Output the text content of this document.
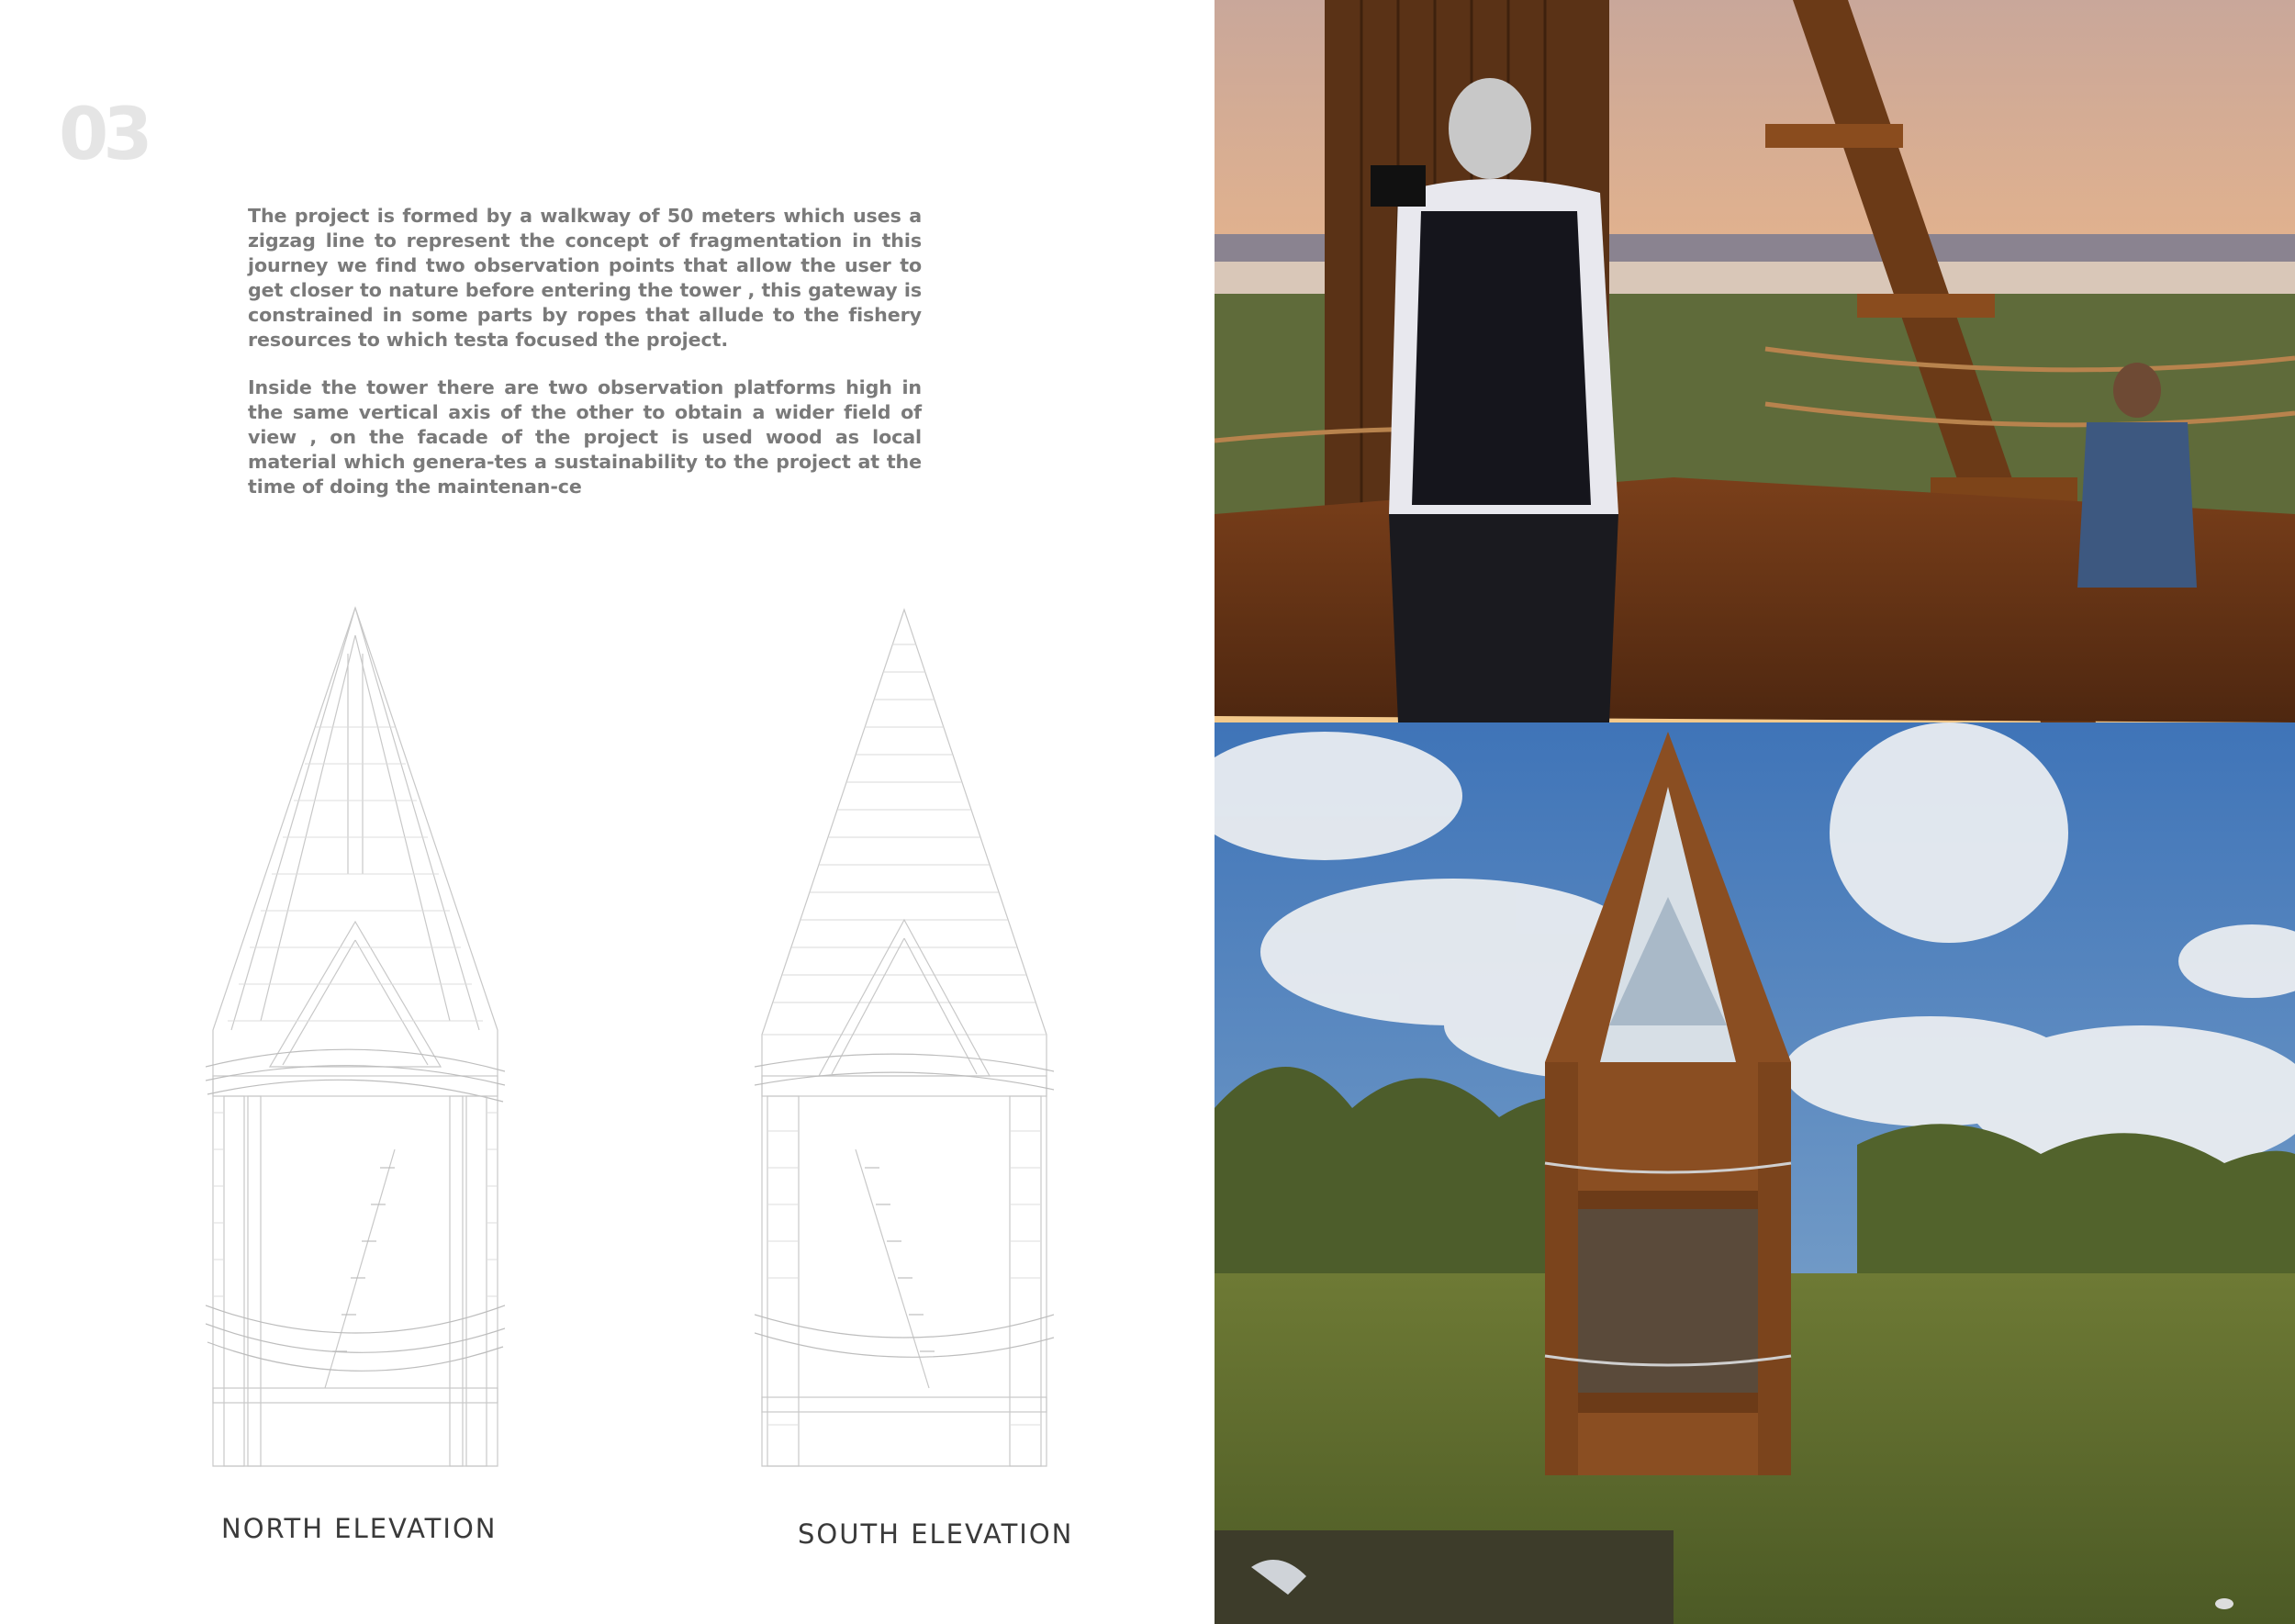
03

The project is formed by a walkway of 50 meters which uses a zigzag line to represent the concept of fragmentation in this journey we find two observation points that allow the user to get closer to nature before entering the tower , this gateway is constrained in some parts by ropes that allude to the fishery resources to which testa focused the project.

Inside the tower there are two observation platforms high in the same vertical axis of the other to obtain a wider field of view , on the facade of the project is used wood as local material which genera-tes a sustainability to the project at the time of doing the maintenan-ce

NORTH ELEVATION	SOUTH ELEVATION
